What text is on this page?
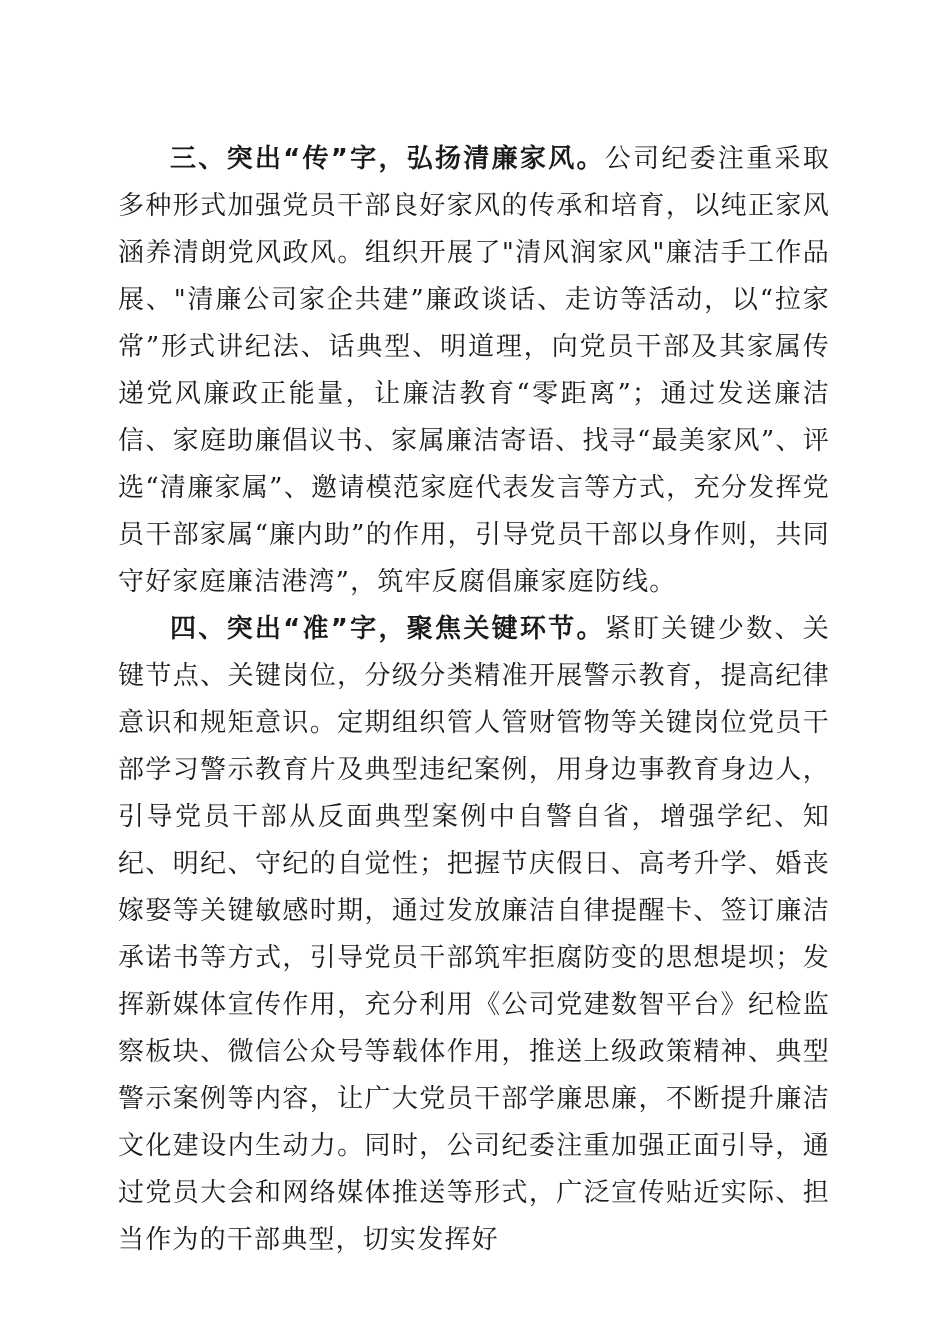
三、突出“传”字，弘扬清廉家风。公司纪委注重采取多种形式加强党员干部良好家风的传承和培育，以纯正家风涵养清朗党风政风。组织开展了"清风润家风"廉洁手工作品展、"清廉公司家企共建”廉政谈话、走访等活动，以“拉家常”形式讲纪法、话典型、明道理，向党员干部及其家属传递党风廉政正能量，让廉洁教育“零距离”；通过发送廉洁信、家庭助廉倡议书、家属廉洁寄语、找寻“最美家风”、评选“清廉家属”、邀请模范家庭代表发言等方式，充分发挥党员干部家属“廉内助”的作用，引导党员干部以身作则，共同守好家庭廉洁港湾”，筑牢反腐倡廉家庭防线。

四、突出“准”字，聚焦关键环节。紧盯关键少数、关键节点、关键岗位，分级分类精准开展警示教育，提高纪律意识和规矩意识。定期组织管人管财管物等关键岗位党员干部学习警示教育片及典型违纪案例，用身边事教育身边人，引导党员干部从反面典型案例中自警自省，增强学纪、知纪、明纪、守纪的自觉性；把握节庆假日、高考升学、婚丧嫁娶等关键敏感时期，通过发放廉洁自律提醒卡、签订廉洁承诺书等方式，引导党员干部筑牢拒腐防变的思想堤坝；发挥新媒体宣传作用，充分利用《公司党建数智平台》纪检监察板块、微信公众号等载体作用，推送上级政策精神、典型警示案例等内容，让广大党员干部学廉思廉，不断提升廉洁文化建设内生动力。同时，公司纪委注重加强正面引导，通过党员大会和网络媒体推送等形式，广泛宣传贴近实际、担当作为的干部典型，切实发挥好
